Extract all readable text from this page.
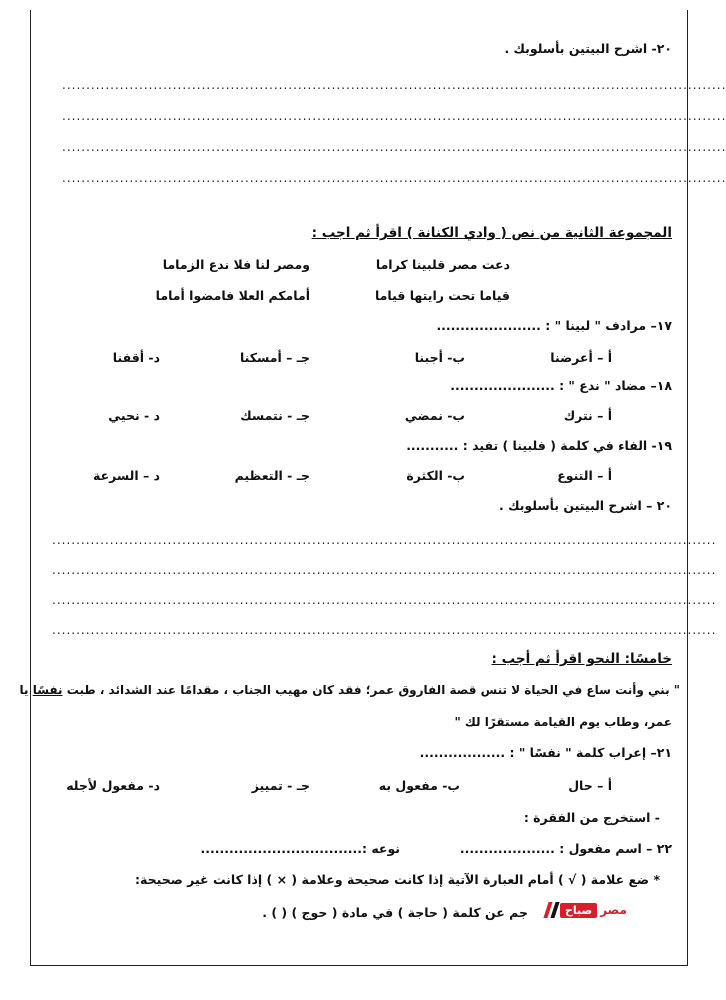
٢٠- اشرح البيتين بأسلوبك .
..........................................................................................................................................
..........................................................................................................................................
..........................................................................................................................................
..........................................................................................................................................
المجموعة الثانية من نص ( وادي الكنانة ) اقرأ ثم اجب :
دعت مصر قلبينا كراما
ومصر لنا فلا ندع الزماما
قياما تحت رايتها قياما
أمامكم العلا فامضوا أماما
١٧– مرادف " لبينا " : ......................
أ – أعرضنا
ب- أجبنا
جـ – أمسكنا
د- أقفنا
١٨– مضاد " ندع " : ......................
أ – نترك
ب- نمضي
جـ - نتمسك
د - نحيي
١٩- الفاء في كلمة ( فلبينا ) تفيد : ...........
أ – التنوع
ب- الكثرة
جـ - التعظيم
د – السرعة
٢٠ – اشرح البيتين بأسلوبك .
..........................................................................................................................................
..........................................................................................................................................
..........................................................................................................................................
..........................................................................................................................................
خامسًا: النحو اقرأ ثم أجب :
" بني وأنت ساع في الحياة لا تنس قصة الفاروق عمر؛ فقد كان مهيب الجناب ، مقدامًا عند الشدائد ، طبت نفسًا يا
عمر، وطاب يوم القيامة مستقرًا لك "
٢١– إعراب كلمة " نفسًا " : ..................
أ – حال
ب- مفعول به
جـ - تمييز
د- مفعول لأجله
- استخرج من الفقرة :
٢٢ – اسم مفعول : ....................
نوعه :..................................
* ضع علامة ( √ ) أمام العبارة الآتية إذا كانت صحيحة وعلامة ( × ) إذا كانت غير صحيحة:
صباح مصر
جم عن كلمة ( حاجة ) في مادة ( حوج ) ( ) .
